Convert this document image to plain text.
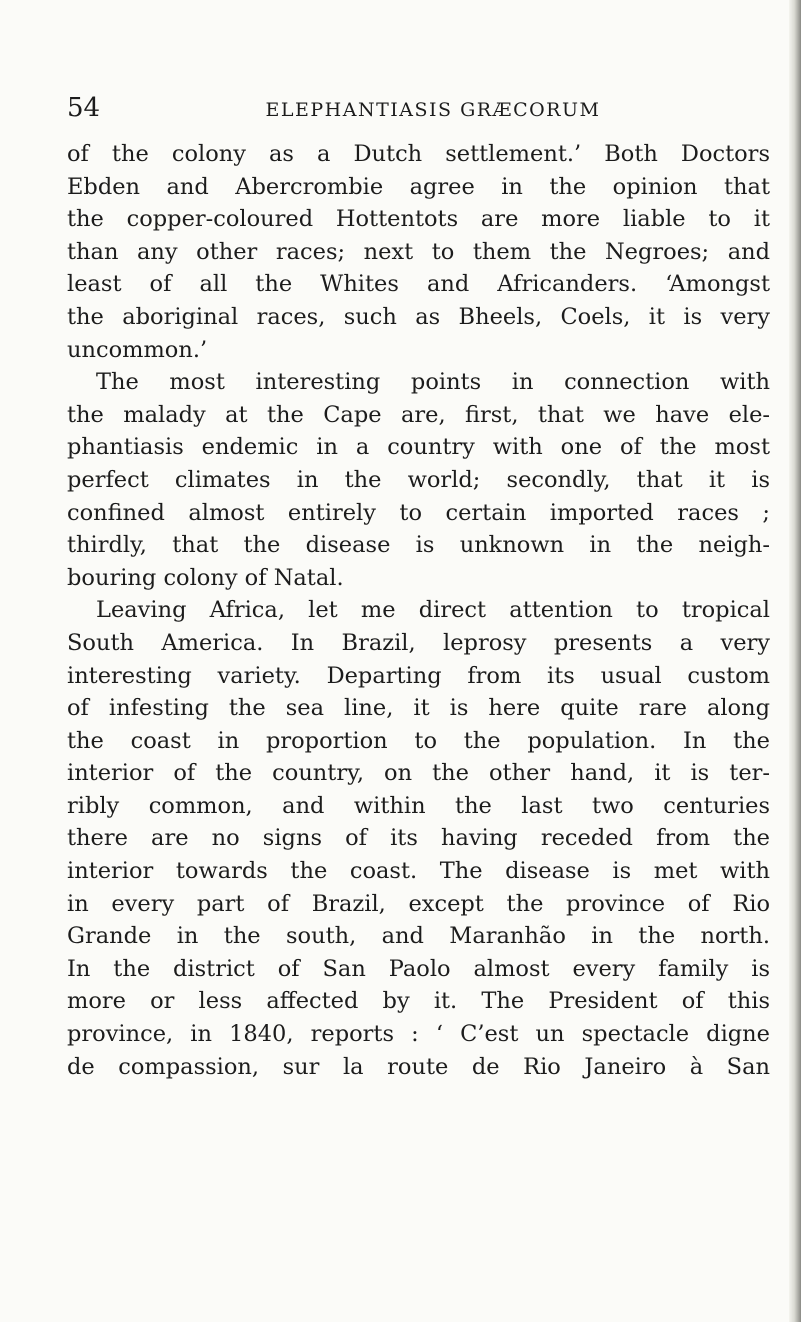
54	ELEPHANTIASIS GRÆCORUM
of the colony as a Dutch settlement.’ Both Doctors
Ebden and Abercrombie agree in the opinion that
the copper-coloured Hottentots are more liable to it
than any other races; next to them the Negroes; and
least of all the Whites and Africanders. ‘Amongst
the aboriginal races, such as Bheels, Coels, it is very
uncommon.’
The most interesting points in connection with
the malady at the Cape are, first, that we have ele-
phantiasis endemic in a country with one of the most
perfect climates in the world; secondly, that it is
confined almost entirely to certain imported races ;
thirdly, that the disease is unknown in the neigh-
bouring colony of Natal.
Leaving Africa, let me direct attention to tropical
South America. In Brazil, leprosy presents a very
interesting variety. Departing from its usual custom
of infesting the sea line, it is here quite rare along
the coast in proportion to the population. In the
interior of the country, on the other hand, it is ter-
ribly common, and within the last two centuries
there are no signs of its having receded from the
interior towards the coast. The disease is met with
in every part of Brazil, except the province of Rio
Grande in the south, and Maranhão in the north.
In the district of San Paolo almost every family is
more or less affected by it. The President of this
province, in 1840, reports : ‘ C’est un spectacle digne
de compassion, sur la route de Rio Janeiro à San
